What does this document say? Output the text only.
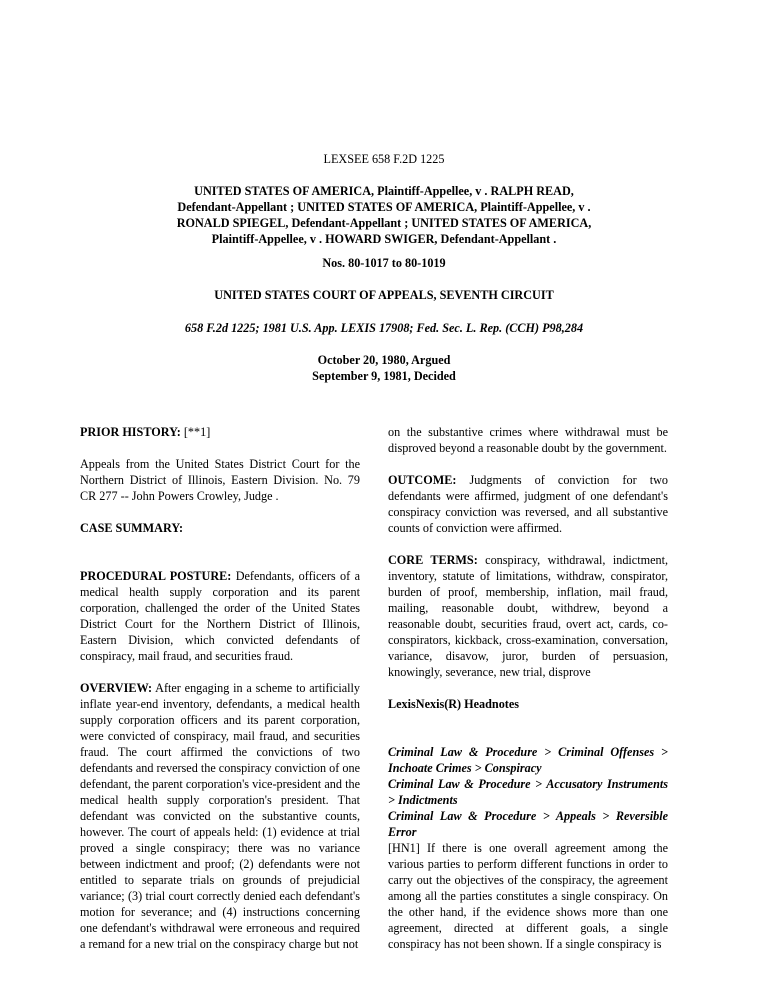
LEXSEE 658 F.2D 1225
UNITED STATES OF AMERICA, Plaintiff-Appellee, v . RALPH READ,
Defendant-Appellant ; UNITED STATES OF AMERICA, Plaintiff-Appellee, v .
RONALD SPIEGEL, Defendant-Appellant ; UNITED STATES OF AMERICA,
Plaintiff-Appellee, v . HOWARD SWIGER, Defendant-Appellant .
Nos. 80-1017 to 80-1019
UNITED STATES COURT OF APPEALS, SEVENTH CIRCUIT
658 F.2d 1225; 1981 U.S. App. LEXIS 17908; Fed. Sec. L. Rep. (CCH) P98,284
October 20, 1980, Argued
September 9, 1981, Decided

PRIOR HISTORY: [**1]

Appeals from the United States District Court for the Northern District of Illinois, Eastern Division. No. 79 CR 277 -- John Powers Crowley, Judge .

CASE SUMMARY:

PROCEDURAL POSTURE: Defendants, officers of a medical health supply corporation and its parent corporation, challenged the order of the United States District Court for the Northern District of Illinois, Eastern Division, which convicted defendants of conspiracy, mail fraud, and securities fraud.

OVERVIEW: After engaging in a scheme to artificially inflate year-end inventory, defendants, a medical health supply corporation officers and its parent corporation, were convicted of conspiracy, mail fraud, and securities fraud. The court affirmed the convictions of two defendants and reversed the conspiracy conviction of one defendant, the parent corporation's vice-president and the medical health supply corporation's president. That defendant was convicted on the substantive counts, however. The court of appeals held: (1) evidence at trial proved a single conspiracy; there was no variance between indictment and proof; (2) defendants were not entitled to separate trials on grounds of prejudicial variance; (3) trial court correctly denied each defendant's motion for severance; and (4) instructions concerning one defendant's withdrawal were erroneous and required a remand for a new trial on the conspiracy charge but not

on the substantive crimes where withdrawal must be disproved beyond a reasonable doubt by the government.

OUTCOME: Judgments of conviction for two defendants were affirmed, judgment of one defendant's conspiracy conviction was reversed, and all substantive counts of conviction were affirmed.

CORE TERMS: conspiracy, withdrawal, indictment, inventory, statute of limitations, withdraw, conspirator, burden of proof, membership, inflation, mail fraud, mailing, reasonable doubt, withdrew, beyond a reasonable doubt, securities fraud, overt act, cards, co-conspirators, kickback, cross-examination, conversation, variance, disavow, juror, burden of persuasion, knowingly, severance, new trial, disprove

LexisNexis(R) Headnotes

Criminal Law & Procedure > Criminal Offenses > Inchoate Crimes > Conspiracy

Criminal Law & Procedure > Accusatory Instruments > Indictments

Criminal Law & Procedure > Appeals > Reversible Error

[HN1] If there is one overall agreement among the various parties to perform different functions in order to carry out the objectives of the conspiracy, the agreement among all the parties constitutes a single conspiracy. On the other hand, if the evidence shows more than one agreement, directed at different goals, a single conspiracy has not been shown. If a single conspiracy is
